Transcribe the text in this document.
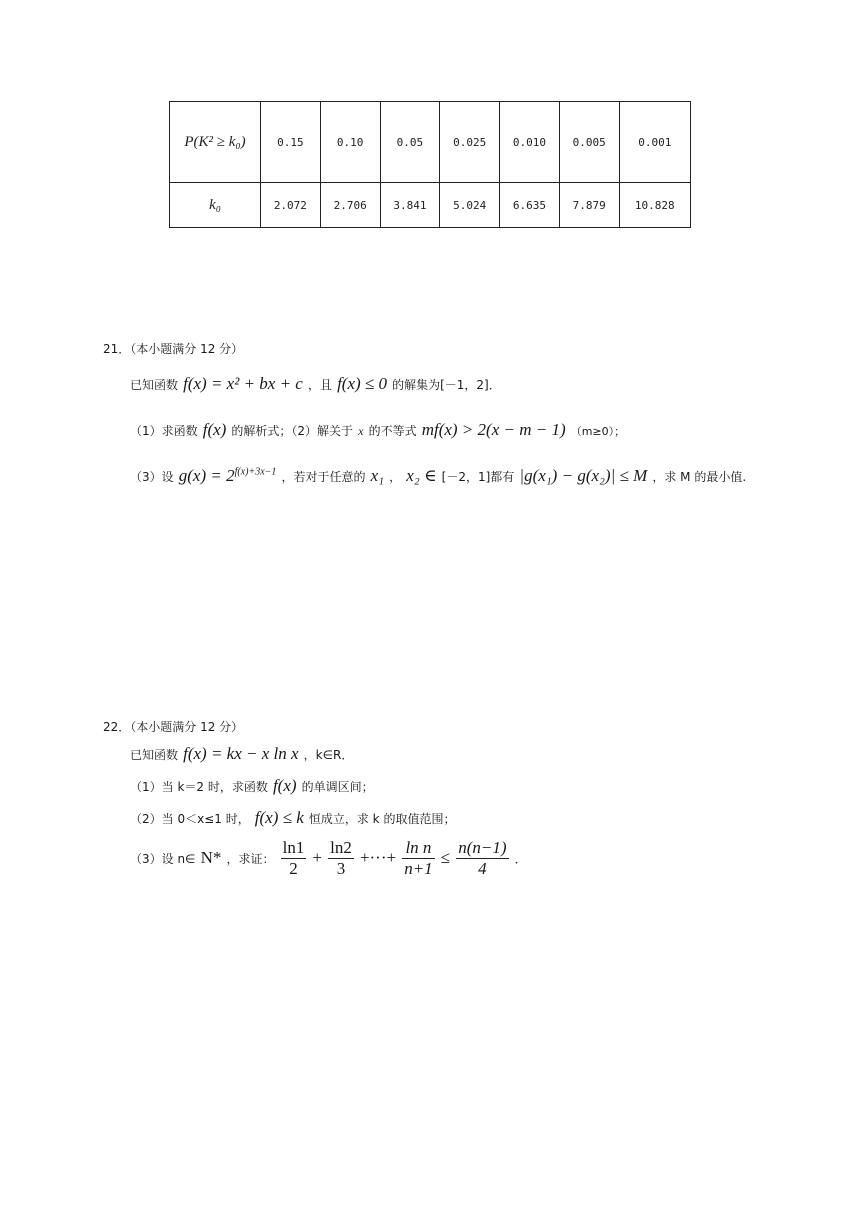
P(K² ≥ k₀)	0.15	0.10	0.05	0.025	0.010	0.005	0.001
k₀	2.072	2.706	3.841	5.024	6.635	7.879	10.828
21．（本小题满分 12 分）
已知函数 f(x) = x² + bx + c ，且 f(x) ≤ 0 的解集为[－1，2]．
（1）求函数 f(x) 的解析式；（2）解关于 x 的不等式 mf(x) > 2(x − m − 1) （m≥0）；
（3）设 $g(x) = 2^{f(x)+3x-1}$ ，若对于任意的 x₁ ， x₂ ∈ [－2，1]都有 |g(x₁) − g(x₂)| ≤ M ，求 M 的最小值.
22．（本小题满分 12 分）
已知函数 f(x) = kx − x ln x ，k∈R．
（1）当 k＝2 时，求函数 f(x) 的单调区间；
（2）当 0＜x≤1 时， f(x) ≤ k 恒成立，求 k 的取值范围；
（3）设 n∈ N* ，求证： $\frac{\ln 1}{2} + \frac{\ln 2}{3}$ +···+ $\frac{\text{ln n}}{n+1} \le \frac{n(n-1)}{4}$ ．
